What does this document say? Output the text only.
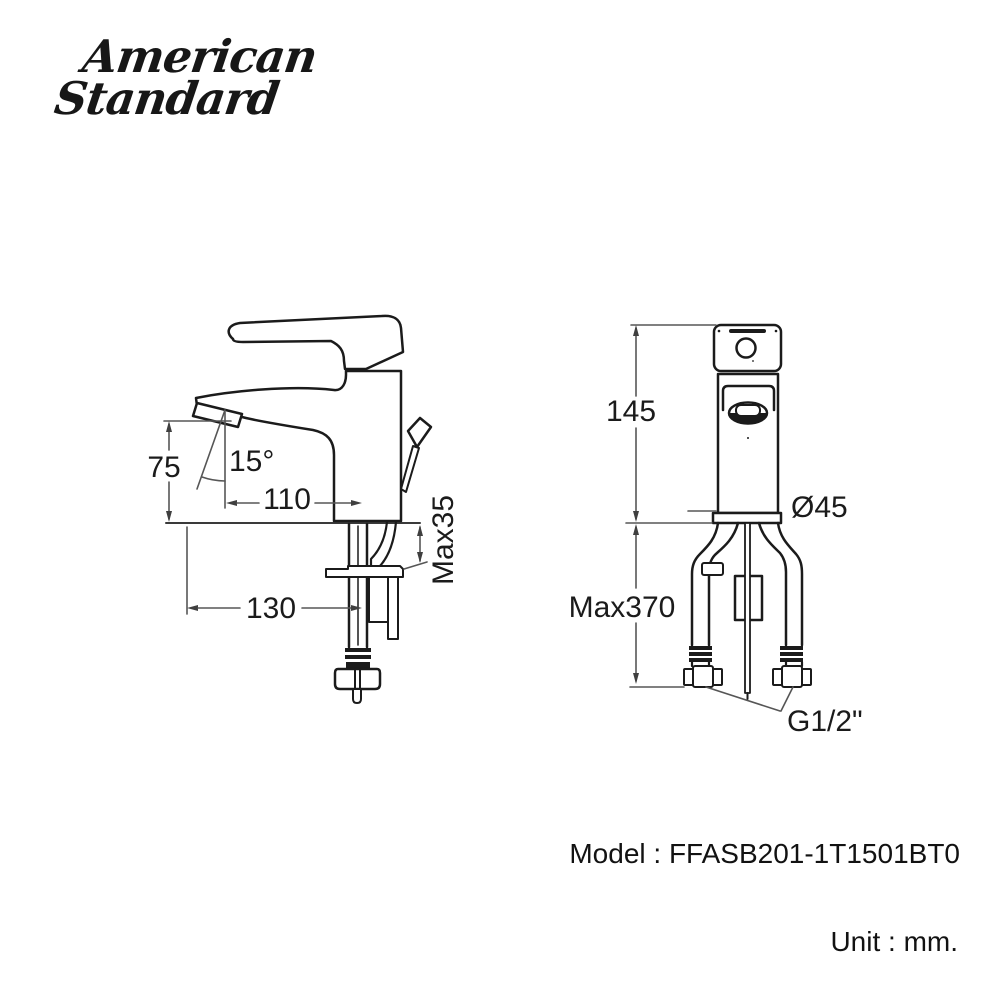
American
Standard
75 15°
110
130
Max35
145
Max370
Ø45
G1/2"
Model : FFASB201-1T1501BT0
Unit : mm.
